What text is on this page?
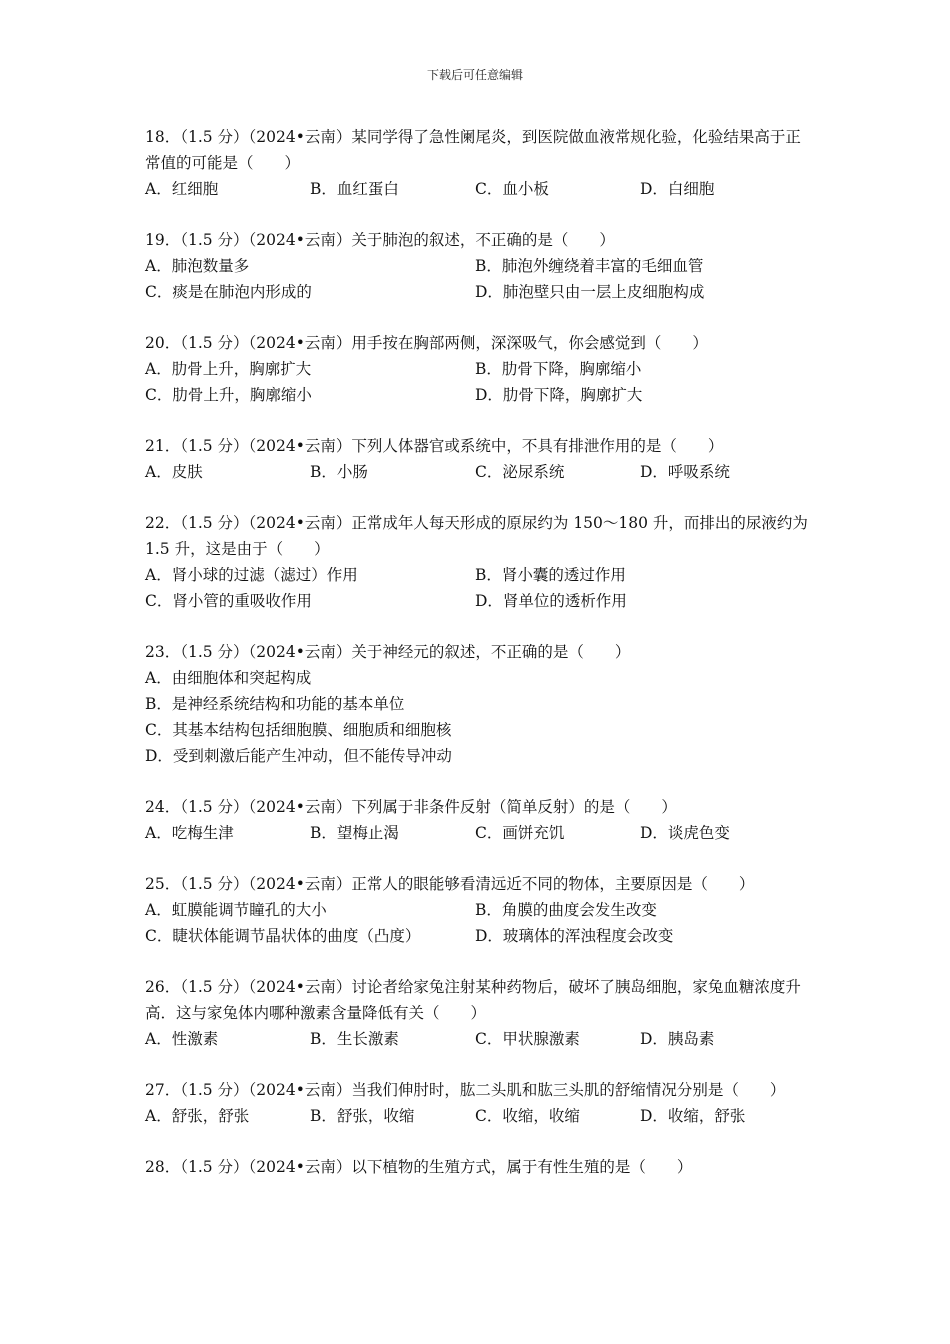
下载后可任意编辑

18．（1.5 分）（2024•云南）某同学得了急性阑尾炎，到医院做血液常规化验，化验结果高于正常值的可能是（　　）

A．红细胞	B．血红蛋白	C．血小板	D．白细胞

19．（1.5 分）（2024•云南）关于肺泡的叙述，不正确的是（　　）

A．肺泡数量多	B．肺泡外缠绕着丰富的毛细血管
C．痰是在肺泡内形成的	D．肺泡壁只由一层上皮细胞构成

20．（1.5 分）（2024•云南）用手按在胸部两侧，深深吸气，你会感觉到（　　）

A．肋骨上升，胸廓扩大	B．肋骨下降，胸廓缩小
C．肋骨上升，胸廓缩小	D．肋骨下降，胸廓扩大

21．（1.5 分）（2024•云南）下列人体器官或系统中，不具有排泄作用的是（　　）

A．皮肤	B．小肠	C．泌尿系统	D．呼吸系统

22．（1.5 分）（2024•云南）正常成年人每天形成的原尿约为 150～180 升，而排出的尿液约为 1.5 升，这是由于（　　）

A．肾小球的过滤（滤过）作用	B．肾小囊的透过作用
C．肾小管的重吸收作用	D．肾单位的透析作用

23．（1.5 分）（2024•云南）关于神经元的叙述，不正确的是（　　）

A．由细胞体和突起构成
B．是神经系统结构和功能的基本单位
C．其基本结构包括细胞膜、细胞质和细胞核
D．受到刺激后能产生冲动，但不能传导冲动

24．（1.5 分）（2024•云南）下列属于非条件反射（简单反射）的是（　　）

A．吃梅生津	B．望梅止渴	C．画饼充饥	D．谈虎色变

25．（1.5 分）（2024•云南）正常人的眼能够看清远近不同的物体，主要原因是（　　）

A．虹膜能调节瞳孔的大小	B．角膜的曲度会发生改变
C．睫状体能调节晶状体的曲度（凸度）	D．玻璃体的浑浊程度会改变

26．（1.5 分）（2024•云南）讨论者给家兔注射某种药物后，破坏了胰岛细胞，家兔血糖浓度升高．这与家兔体内哪种激素含量降低有关（　　）

A．性激素	B．生长激素	C．甲状腺激素	D．胰岛素

27．（1.5 分）（2024•云南）当我们伸肘时，肱二头肌和肱三头肌的舒缩情况分别是（　　）

A．舒张，舒张	B．舒张，收缩	C．收缩，收缩	D．收缩，舒张

28．（1.5 分）（2024•云南）以下植物的生殖方式，属于有性生殖的是（　　）
